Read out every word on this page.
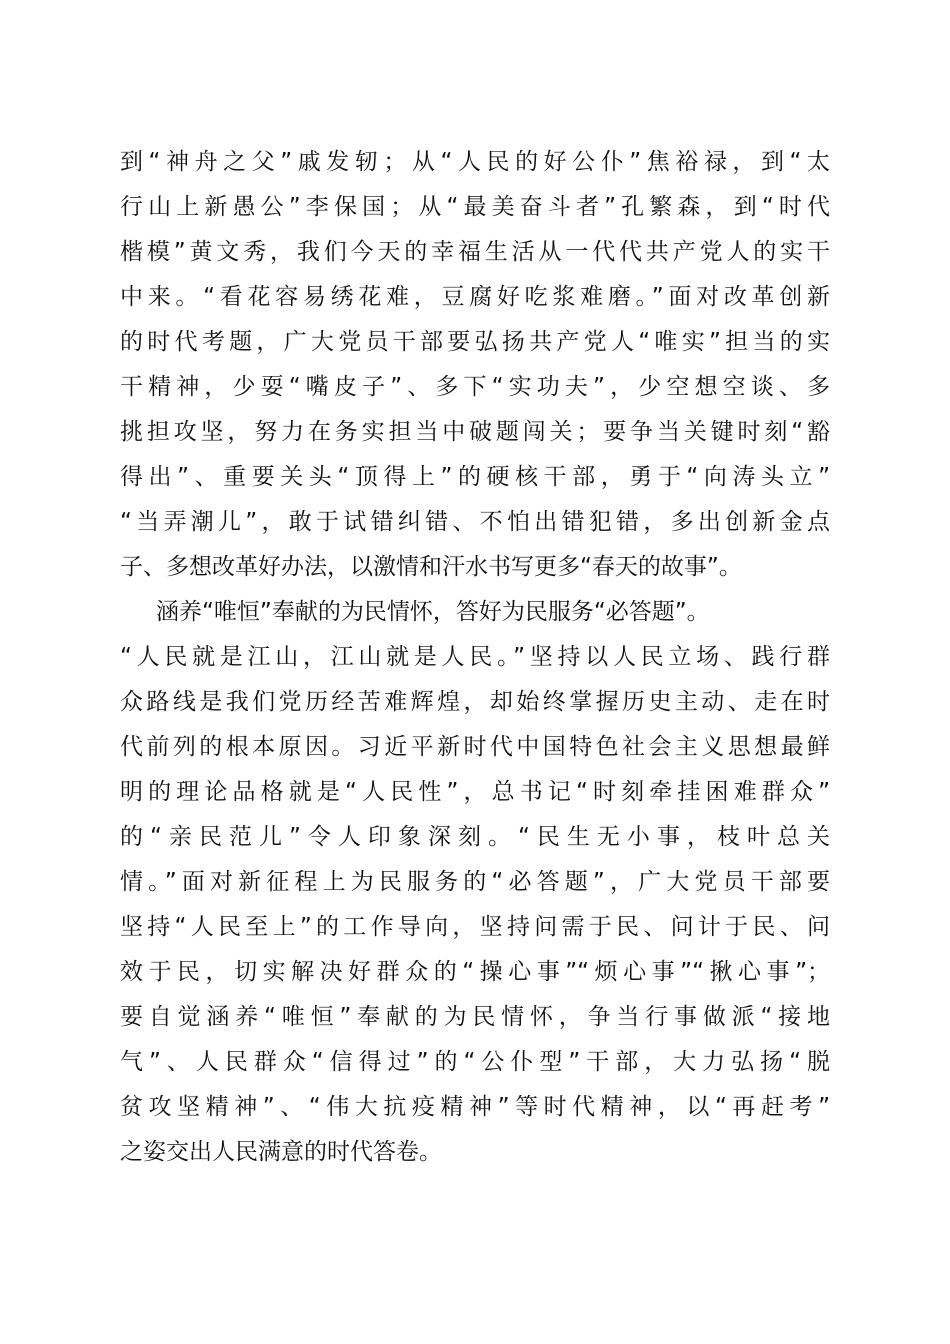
到“神舟之父”戚发轫；从“人民的好公仆”焦裕禄，到“太
行山上新愚公”李保国；从“最美奋斗者”孔繁森，到“时代
楷模”黄文秀，我们今天的幸福生活从一代代共产党人的实干
中来。“看花容易绣花难，豆腐好吃浆难磨。”面对改革创新
的时代考题，广大党员干部要弘扬共产党人“唯实”担当的实
干精神，少耍“嘴皮子”、多下“实功夫”，少空想空谈、多
挑担攻坚，努力在务实担当中破题闯关；要争当关键时刻“豁
得出”、重要关头“顶得上”的硬核干部，勇于“向涛头立”
“当弄潮儿”，敢于试错纠错、不怕出错犯错，多出创新金点
子、多想改革好办法，以激情和汗水书写更多“春天的故事”。
涵养“唯恒”奉献的为民情怀，答好为民服务“必答题”。
“人民就是江山，江山就是人民。”坚持以人民立场、践行群
众路线是我们党历经苦难辉煌，却始终掌握历史主动、走在时
代前列的根本原因。习近平新时代中国特色社会主义思想最鲜
明的理论品格就是“人民性”，总书记“时刻牵挂困难群众”
的“亲民范儿”令人印象深刻。“民生无小事，枝叶总关
情。”面对新征程上为民服务的“必答题”，广大党员干部要
坚持“人民至上”的工作导向，坚持问需于民、问计于民、问
效于民，切实解决好群众的“操心事”“烦心事”“揪心事”；
要自觉涵养“唯恒”奉献的为民情怀，争当行事做派“接地
气”、人民群众“信得过”的“公仆型”干部，大力弘扬“脱
贫攻坚精神”、“伟大抗疫精神”等时代精神，以“再赶考”
之姿交出人民满意的时代答卷。
